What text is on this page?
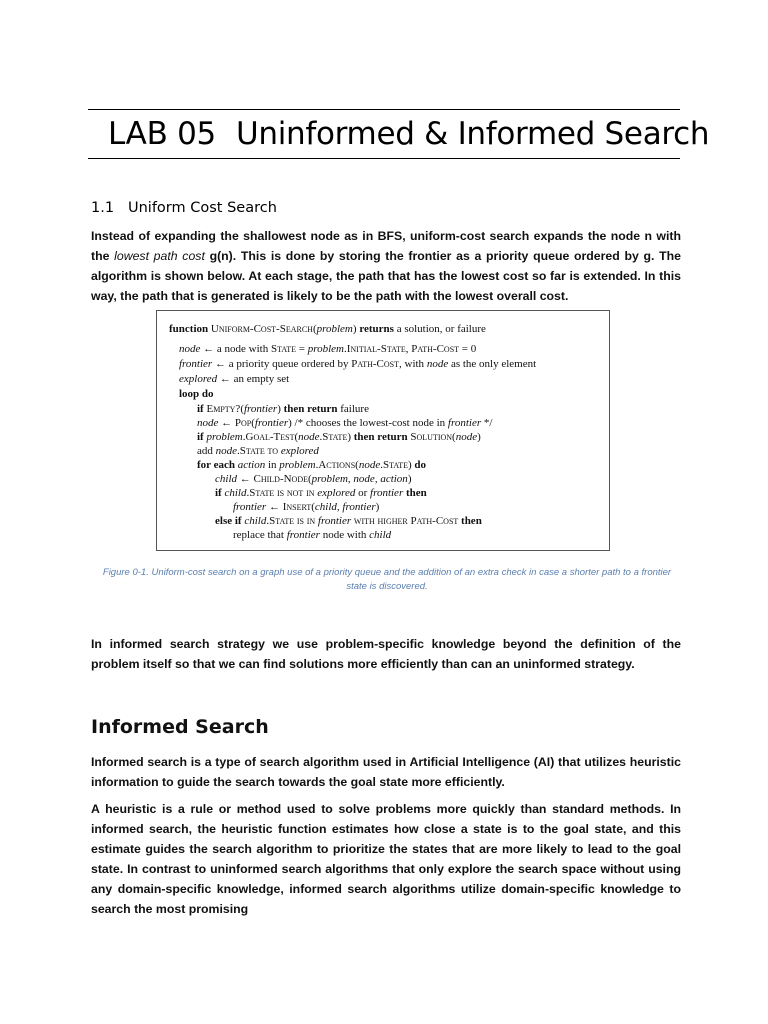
LAB 05 Uninformed & Informed Search
1.1 Uniform Cost Search
Instead of expanding the shallowest node as in BFS, uniform-cost search expands the node n with the lowest path cost g(n). This is done by storing the frontier as a priority queue ordered by g. The algorithm is shown below. At each stage, the path that has the lowest cost so far is extended. In this way, the path that is generated is likely to be the path with the lowest overall cost.
function Uniform-Cost-Search(problem) returns a solution, or failure
node ← a node with State = problem.Initial-State, Path-Cost = 0
frontier ← a priority queue ordered by Path-Cost, with node as the only element
explored ← an empty set
loop do
if Empty?(frontier) then return failure
node ← Pop(frontier) /* chooses the lowest-cost node in frontier */
if problem.Goal-Test(node.State) then return Solution(node)
add node.State to explored
for each action in problem.Actions(node.State) do
child ← Child-Node(problem, node, action)
if child.State is not in explored or frontier then
frontier ← Insert(child, frontier)
else if child.State is in frontier with higher Path-Cost then
replace that frontier node with child
Figure 0-1. Uniform-cost search on a graph use of a priority queue and the addition of an extra check in case a shorter path to a frontier state is discovered.
In informed search strategy we use problem-specific knowledge beyond the definition of the problem itself so that we can find solutions more efficiently than can an uninformed strategy.
Informed Search
Informed search is a type of search algorithm used in Artificial Intelligence (AI) that utilizes heuristic information to guide the search towards the goal state more efficiently.
A heuristic is a rule or method used to solve problems more quickly than standard methods. In informed search, the heuristic function estimates how close a state is to the goal state, and this estimate guides the search algorithm to prioritize the states that are more likely to lead to the goal state. In contrast to uninformed search algorithms that only explore the search space without using any domain-specific knowledge, informed search algorithms utilize domain-specific knowledge to search the most promising
